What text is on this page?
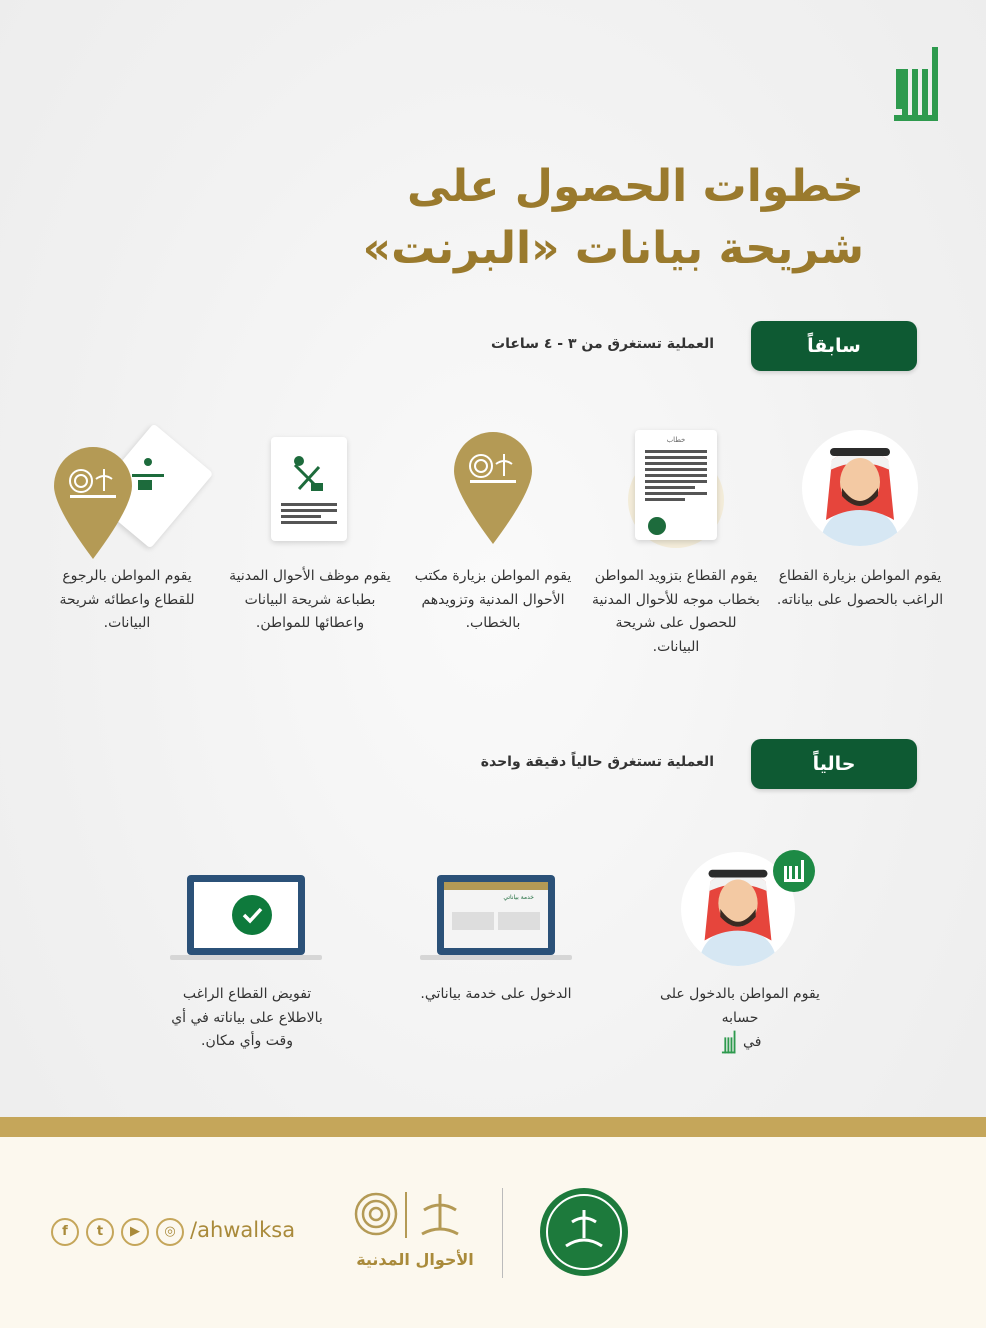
خطوات الحصول على
شريحة بيانات «البرنت»
سابقاً
العملية تستغرق من ٣ - ٤ ساعات
خطاب
يقوم المواطن بزيارة القطاع الراغب بالحصول على بياناته.
يقوم القطاع بتزويد المواطن بخطاب موجه للأحوال المدنية للحصول على شريحة البيانات.
يقوم المواطن بزيارة مكتب الأحوال المدنية وتزويدهم بالخطاب.
يقوم موظف الأحوال المدنية بطباعة شريحة البيانات واعطائها للمواطن.
يقوم المواطن بالرجوع للقطاع واعطائه شريحة البيانات.
حالياً
العملية تستغرق حالياً دقيقة واحدة
خدمة بياناتي
يقوم المواطن بالدخول على حسابه
في
الدخول على خدمة بياناتي.
تفويض القطاع الراغب بالاطلاع على بياناته في أي وقت وأي مكان.
الأحوال المدنية
/ahwalksa
◎
▶
t
f
